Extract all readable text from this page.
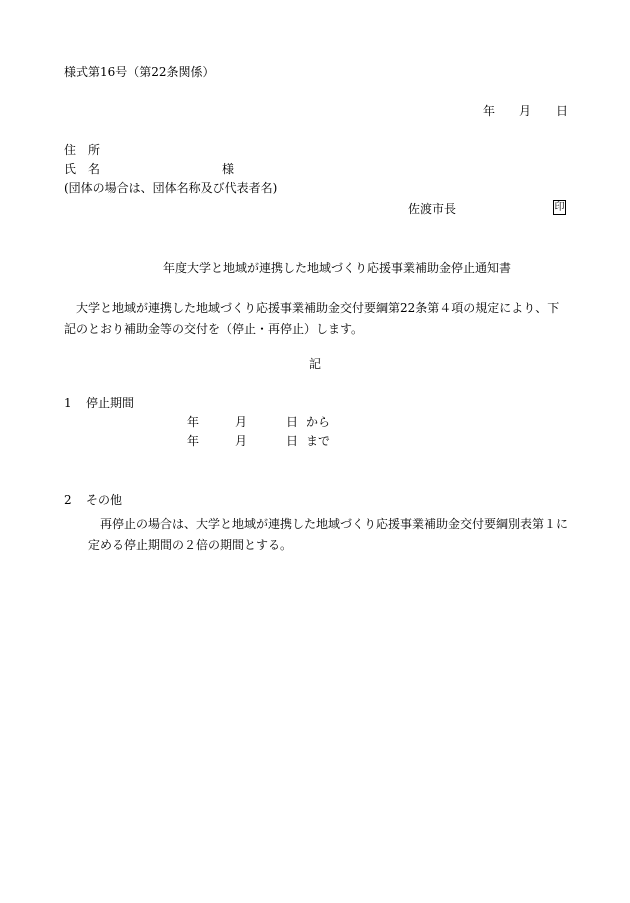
様式第16号（第22条関係）

年 月 日
住所
氏名	様
(団体の場合は、団体名称及び代表者名)
佐渡市長	印
年度大学と地域が連携した地域づくり応援事業補助金停止通知書

大学と地域が連携した地域づくり応援事業補助金交付要綱第22条第４項の規定により、下記のとおり補助金等の交付を（停止・再停止）します。

記
1 停止期間
年	月	日 から
年	月	日 まで
2 その他

再停止の場合は、大学と地域が連携した地域づくり応援事業補助金交付要綱別表第１に定める停止期間の２倍の期間とする。
